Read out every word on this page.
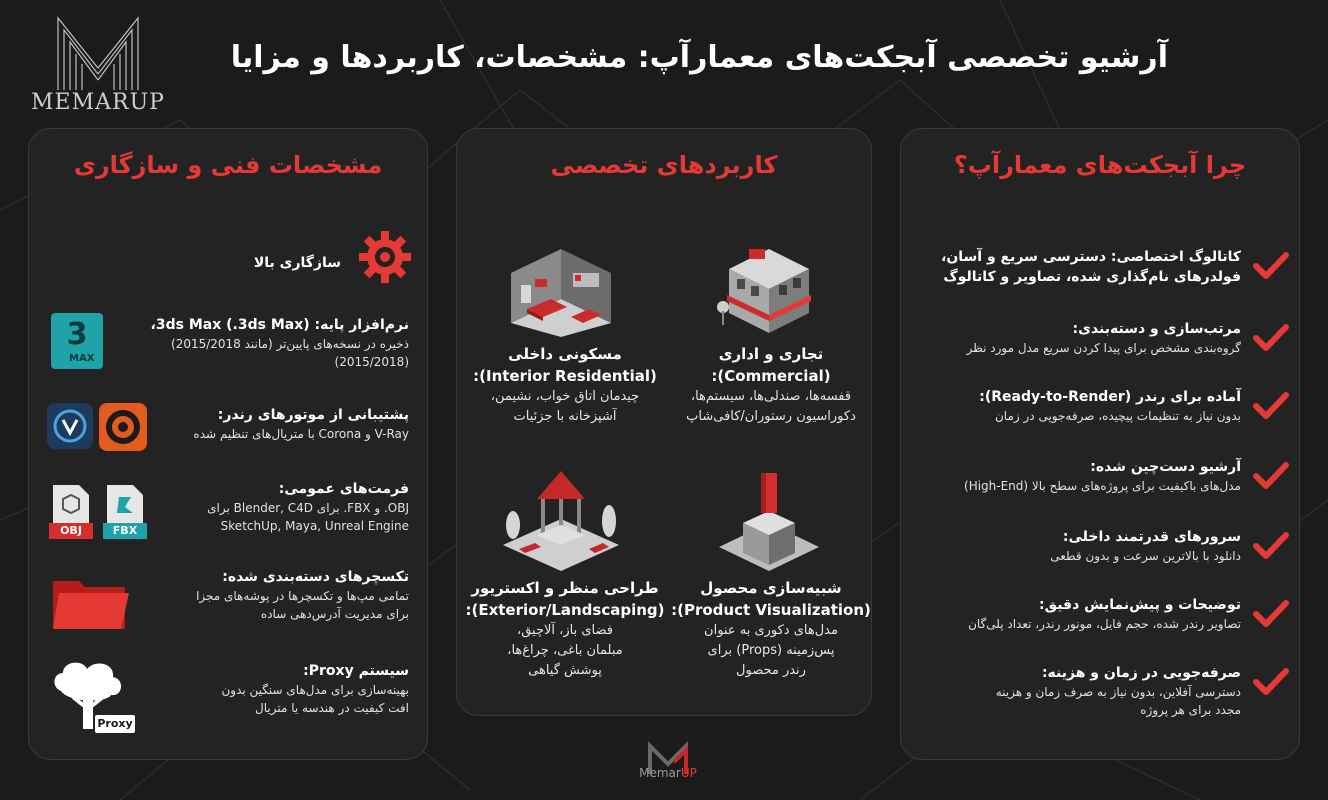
MEMARUP
آرشیو تخصصی آبجکت‌های معمارآپ: مشخصات، کاربردها و مزایا
چرا آبجکت‌های معمارآپ؟
کاتالوگ اختصاصی: دسترسی سریع و آسان،
فولدرهای نام‌گذاری شده، تصاویر و کاتالوگ
مرتب‌سازی و دسته‌بندی:
گروه‌بندی مشخص برای پیدا کردن سریع مدل مورد نظر
آماده برای رندر (Ready-to-Render):
بدون نیاز به تنظیمات پیچیده، صرفه‌جویی در زمان
آرشیو دست‌چین شده:
مدل‌های باکیفیت برای پروژه‌های سطح بالا (High-End)
سرورهای قدرتمند داخلی:
دانلود با بالاترین سرعت و بدون قطعی
توضیحات و پیش‌نمایش دقیق:
تصاویر رندر شده، حجم فایل، مونور رندر، تعداد پلی‌گان
صرفه‌جویی در زمان و هزینه:
دسترسی آفلاین، بدون نیاز به صرف زمان و هزینه
مجدد برای هر پروژه
کاربردهای تخصصی
تجاری و اداری
(Commercial):
قفسه‌ها، صندلی‌ها، سیستم‌ها،
دکوراسیون رستوران/کافی‌شاپ
مسکونی داخلی
(Interior Residential):
چیدمان اتاق خواب، نشیمن،
آشپزخانه با جزئیات
شبیه‌سازی محصول
(Product Visualization):
مدل‌های دکوری به عنوان
پس‌زمینه (Props) برای
رندر محصول
طراحی منظر و اکستریور
(Exterior/Landscaping):
فضای باز، آلاچیق،
مبلمان باغی، چراغ‌ها،
پوشش گیاهی
مشخصات فنی و سازگاری
سازگاری بالا
3
MAX
نرم‌افزار پایه: 3ds Max (.3ds Max)،
ذخیره در نسخه‌های پایین‌تر (مانند 2015/2018)
(2015/2018)
پشتیبانی از موتورهای رندر:
V-Ray و Corona با متریال‌های تنظیم شده
OBJ	FBX
فرمت‌های عمومی:
OBJ. و FBX. برای Blender, C4D برای
SketchUp, Maya, Unreal Engine
تکسچرهای دسته‌بندی شده:
تمامی مپ‌ها و تکسچرها در پوشه‌های مجزا
برای مدیریت آدرس‌دهی ساده
Proxy
سیستم Proxy:
بهینه‌سازی برای مدل‌های سنگین بدون
افت کیفیت در هندسه یا متریال
MemarUP
